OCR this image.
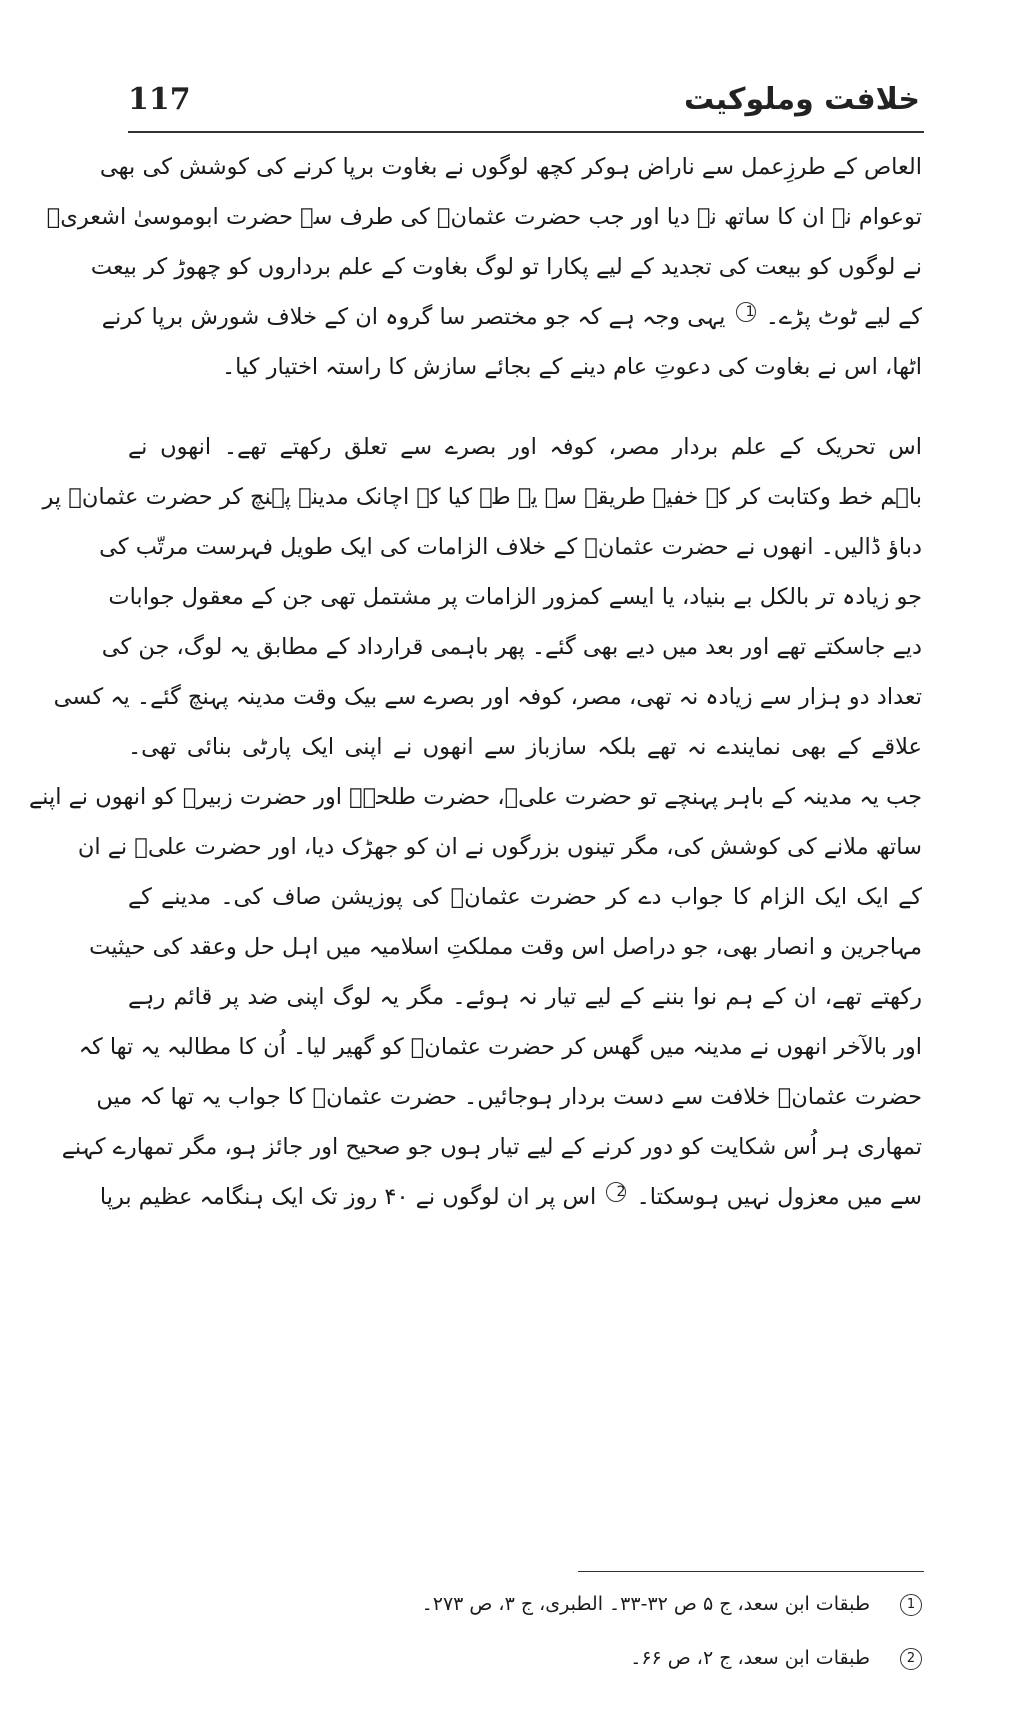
117	خلافت وملوکیت

العاص کے طرزِعمل سے ناراض ہوکر کچھ لوگوں نے بغاوت برپا کرنے کی کوشش کی بھی
توعوام نے ان کا ساتھ نہ دیا اور جب حضرت عثمانؓ کی طرف سے حضرت ابوموسیٰ اشعریؓ
نے لوگوں کو بیعت کی تجدید کے لیے پکارا تو لوگ بغاوت کے علم برداروں کو چھوڑ کر بیعت
کے لیے ٹوٹ پڑے۔ 1 یہی وجہ ہے کہ جو مختصر سا گروہ ان کے خلاف شورش برپا کرنے
اٹھا، اس نے بغاوت کی دعوتِ عام دینے کے بجائے سازش کا راستہ اختیار کیا۔

اس تحریک کے علم بردار مصر، کوفہ اور بصرے سے تعلق رکھتے تھے۔ انھوں نے
باہم خط وکتابت کر کے خفیہ طریقے سے یہ طے کیا کہ اچانک مدینہ پہنچ کر حضرت عثمانؓ پر
دباؤ ڈالیں۔ انھوں نے حضرت عثمانؓ کے خلاف الزامات کی ایک طویل فہرست مرتّب کی
جو زیادہ تر بالکل بے بنیاد، یا ایسے کمزور الزامات پر مشتمل تھی جن کے معقول جوابات
دیے جاسکتے تھے اور بعد میں دیے بھی گئے۔ پھر باہمی قرارداد کے مطابق یہ لوگ، جن کی
تعداد دو ہزار سے زیادہ نہ تھی، مصر، کوفہ اور بصرے سے بیک وقت مدینہ پہنچ گئے۔ یہ کسی
علاقے کے بھی نمایندے نہ تھے بلکہ سازباز سے انھوں نے اپنی ایک پارٹی بنائی تھی۔
جب یہ مدینہ کے باہر پہنچے تو حضرت علیؓ، حضرت طلحہؓ اور حضرت زبیرؓ کو انھوں نے اپنے
ساتھ ملانے کی کوشش کی، مگر تینوں بزرگوں نے ان کو جھڑک دیا، اور حضرت علیؓ نے ان
کے ایک ایک الزام کا جواب دے کر حضرت عثمانؓ کی پوزیشن صاف کی۔ مدینے کے
مہاجرین و انصار بھی، جو دراصل اس وقت مملکتِ اسلامیہ میں اہل حل وعقد کی حیثیت
رکھتے تھے، ان کے ہم نوا بننے کے لیے تیار نہ ہوئے۔ مگر یہ لوگ اپنی ضد پر قائم رہے
اور بالآخر انھوں نے مدینہ میں گھس کر حضرت عثمانؓ کو گھیر لیا۔ اُن کا مطالبہ یہ تھا کہ
حضرت عثمانؓ خلافت سے دست بردار ہوجائیں۔ حضرت عثمانؓ کا جواب یہ تھا کہ میں
تمھاری ہر اُس شکایت کو دور کرنے کے لیے تیار ہوں جو صحیح اور جائز ہو، مگر تمھارے کہنے
سے میں معزول نہیں ہوسکتا۔ 2 اس پر ان لوگوں نے ۴۰ روز تک ایک ہنگامہ عظیم برپا

1 طبقات ابن سعد، ج ۵ ص ۳۲-۳۳۔ الطبری، ج ۳، ص ۲۷۳۔
2 طبقات ابن سعد، ج ۲، ص ۶۶۔
